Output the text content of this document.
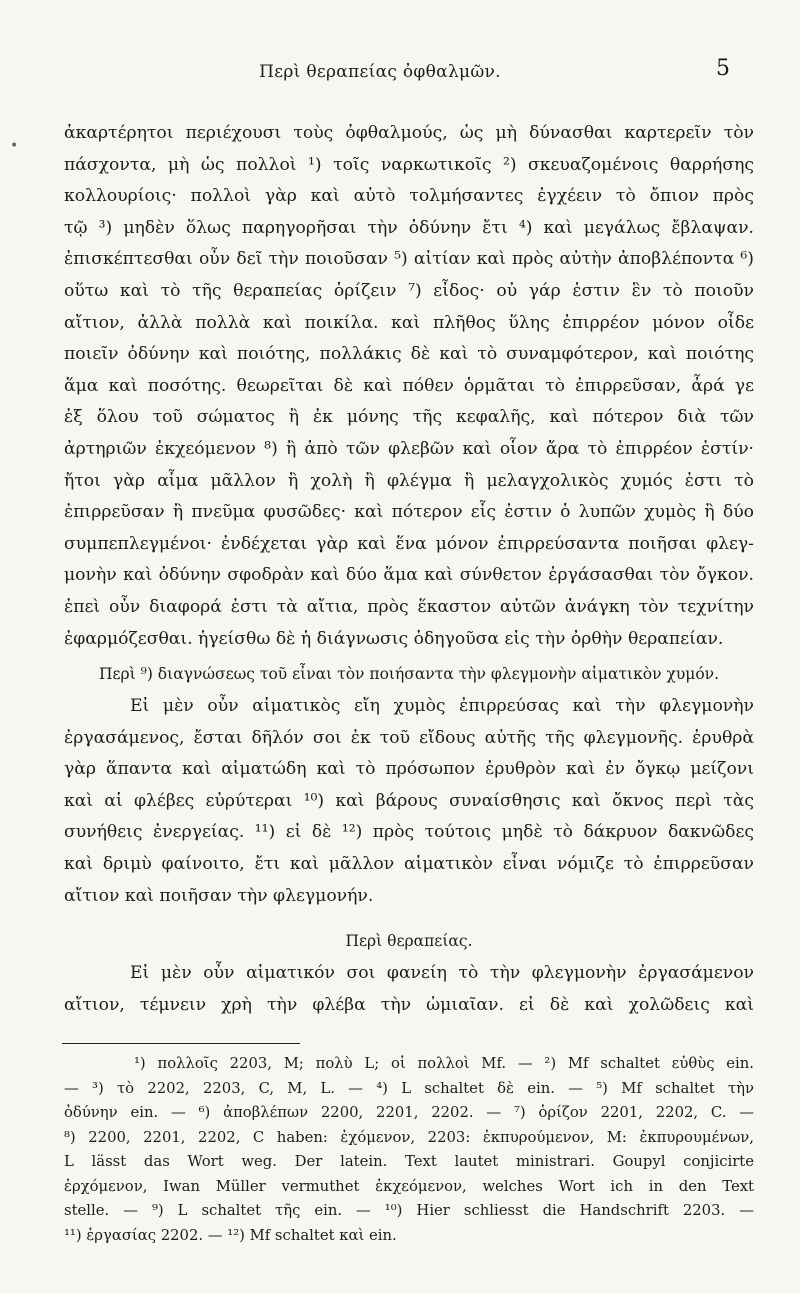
•
Περὶ θεραπείας ὀφθαλμῶν.	5
ἀκαρτέρητοι περιέχουσι τοὺς ὀφθαλμούς, ὡς μὴ δύνασθαι καρτερεῖν τὸν
πάσχοντα, μὴ ὡς πολλοὶ ¹) τοῖς ναρκωτικοῖς ²) σκευαζομένοις θαρρήσης
κολλουρίοις· πολλοὶ γὰρ καὶ αὐτὸ τολμήσαντες ἐγχέειν τὸ ὄπιον πρὸς
τῷ ³) μηδὲν ὅλως παρηγορῆσαι τὴν ὀδύνην ἔτι ⁴) καὶ μεγάλως ἔβλαψαν.
ἐπισκέπτεσθαι οὖν δεῖ τὴν ποιοῦσαν ⁵) αἰτίαν καὶ πρὸς αὐτὴν ἀποβλέποντα ⁶)
οὕτω καὶ τὸ τῆς θεραπείας ὁρίζειν ⁷) εἶδος· οὐ γάρ ἐστιν ἓν τὸ ποιοῦν
αἴτιον, ἀλλὰ πολλὰ καὶ ποικίλα. καὶ πλῆθος ὕλης ἐπιρρέον μόνον οἶδε
ποιεῖν ὀδύνην καὶ ποιότης, πολλάκις δὲ καὶ τὸ συναμφότερον, καὶ ποιότης
ἅμα καὶ ποσότης. θεωρεῖται δὲ καὶ πόθεν ὁρμᾶται τὸ ἐπιρρεῦσαν, ἆρά γε
ἐξ ὅλου τοῦ σώματος ἢ ἐκ μόνης τῆς κεφαλῆς, καὶ πότερον διὰ τῶν
ἀρτηριῶν ἐκχεόμενον ⁸) ἢ ἀπὸ τῶν φλεβῶν καὶ οἷον ἄρα τὸ ἐπιρρέον ἐστίν·
ἤτοι γὰρ αἷμα μᾶλλον ἢ χολὴ ἢ φλέγμα ἢ μελαγχολικὸς χυμός ἐστι τὸ
ἐπιρρεῦσαν ἢ πνεῦμα φυσῶδες· καὶ πότερον εἷς ἐστιν ὁ λυπῶν χυμὸς ἢ δύο
συμπεπλεγμένοι· ἐνδέχεται γὰρ καὶ ἕνα μόνον ἐπιρρεύσαντα ποιῆσαι φλεγ-
μονὴν καὶ ὀδύνην σφοδρὰν καὶ δύο ἅμα καὶ σύνθετον ἐργάσασθαι τὸν ὄγκον.
ἐπεὶ οὖν διαφορά ἐστι τὰ αἴτια, πρὸς ἕκαστον αὐτῶν ἀνάγκη τὸν τεχνίτην
ἐφαρμόζεσθαι. ἡγείσθω δὲ ἡ διάγνωσις ὁδηγοῦσα εἰς τὴν ὀρθὴν θεραπείαν.
Περὶ ⁹) διαγνώσεως τοῦ εἶναι τὸν ποιήσαντα τὴν φλεγμονὴν αἱματικὸν χυμόν.
Εἰ μὲν οὖν αἱματικὸς εἴη χυμὸς ἐπιρρεύσας καὶ τὴν φλεγμονὴν
ἐργασάμενος, ἔσται δῆλόν σοι ἐκ τοῦ εἴδους αὐτῆς τῆς φλεγμονῆς. ἐρυθρὰ
γὰρ ἅπαντα καὶ αἱματώδη καὶ τὸ πρόσωπον ἐρυθρὸν καὶ ἐν ὄγκῳ μείζονι
καὶ αἱ φλέβες εὐρύτεραι ¹⁰) καὶ βάρους συναίσθησις καὶ ὄκνος περὶ τὰς
συνήθεις ἐνεργείας. ¹¹) εἰ δὲ ¹²) πρὸς τούτοις μηδὲ τὸ δάκρυον δακνῶδες
καὶ δριμὺ φαίνοιτο, ἔτι καὶ μᾶλλον αἱματικὸν εἶναι νόμιζε τὸ ἐπιρρεῦσαν
αἴτιον καὶ ποιῆσαν τὴν φλεγμονήν.
Περὶ θεραπείας.
Εἰ μὲν οὖν αἱματικόν σοι φανείη τὸ τὴν φλεγμονὴν ἐργασάμενον
αἴτιον, τέμνειν χρὴ τὴν φλέβα τὴν ὠμιαῖαν. εἰ δὲ καὶ χολῶδεις καὶ
¹) πολλοῖς 2203, M; πολὺ L; οἱ πολλοὶ Mf. — ²) Mf schaltet εὐθὺς ein.
— ³) τὸ 2202, 2203, C, M, L. — ⁴) L schaltet δὲ ein. — ⁵) Mf schaltet τὴν
ὀδύνην ein. — ⁶) ἀποβλέπων 2200, 2201, 2202. — ⁷) ὁρίζον 2201, 2202, C. —
⁸) 2200, 2201, 2202, C haben: ἐχόμενον, 2203: ἐκπυρούμενον, M: ἐκπυρουμένων,
L lässt das Wort weg. Der latein. Text lautet ministrari. Goupyl conjicirte
ἐρχόμενον, Iwan Müller vermuthet ἐκχεόμενον, welches Wort ich in den Text
stelle. — ⁹) L schaltet τῆς ein. — ¹⁰) Hier schliesst die Handschrift 2203. —
¹¹) ἐργασίας 2202. — ¹²) Mf schaltet καὶ ein.
